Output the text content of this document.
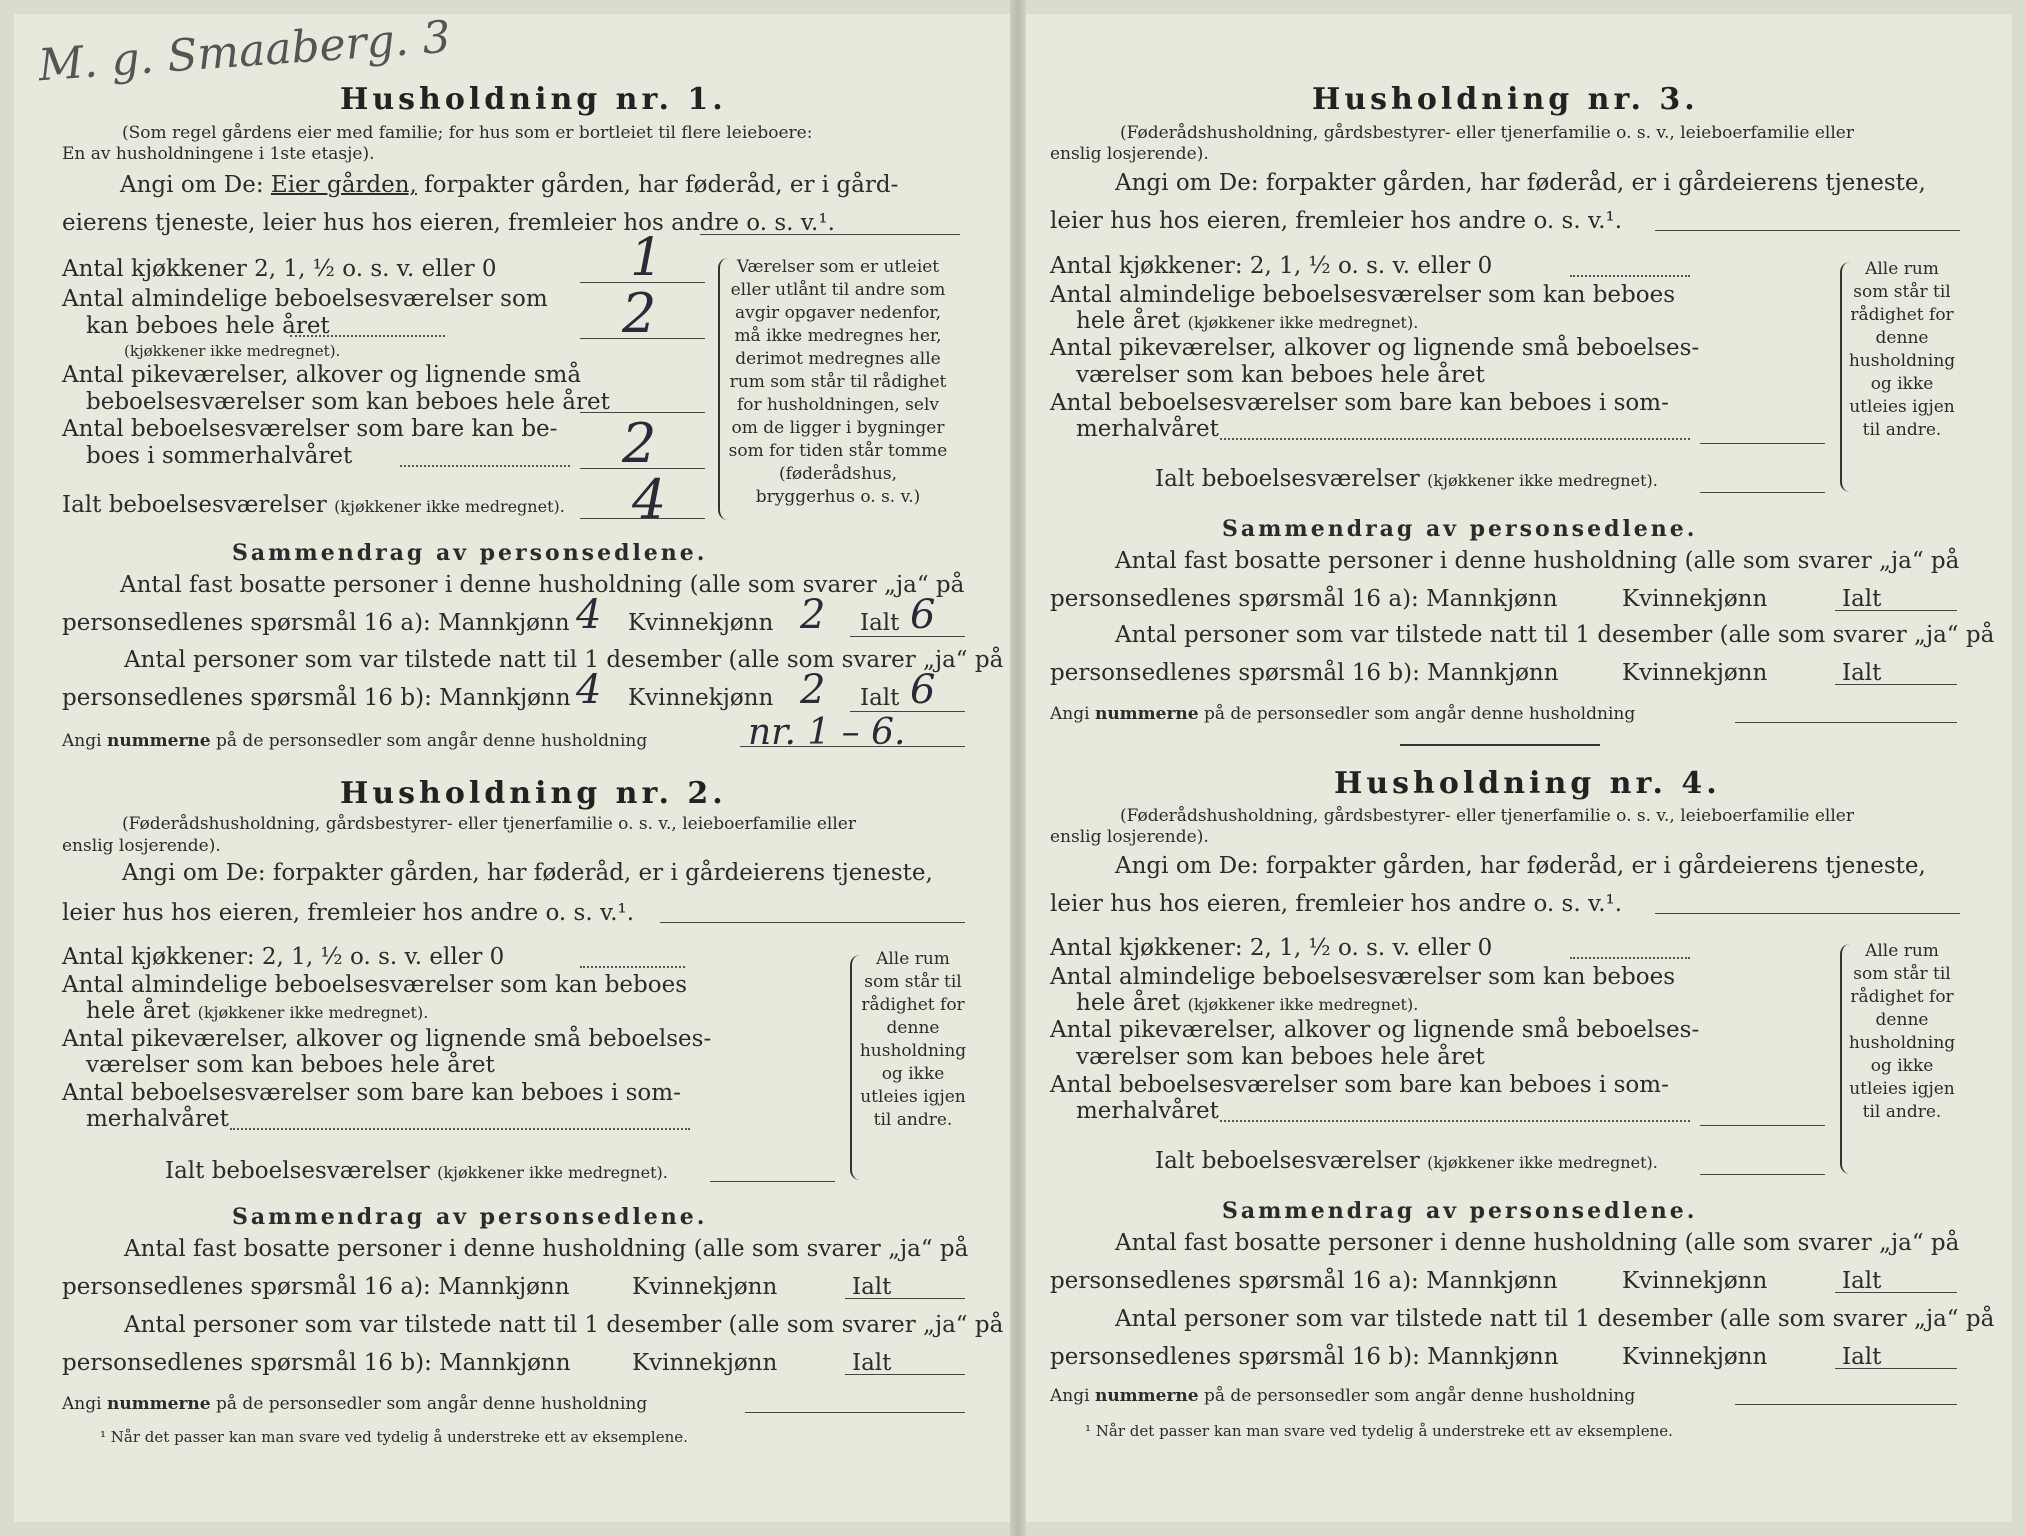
M. g. Smaaberg. 3
Husholdning nr. 1.
(Som regel gårdens eier med familie; for hus som er bortleiet til flere leieboere:
En av husholdningene i 1ste etasje).
Angi om De: Eier gården, forpakter gården, har føderåd, er i gård-
eierens tjeneste, leier hus hos eieren, fremleier hos andre o. s. v.¹.
Antal kjøkkener 2, 1, ½ o. s. v. eller 0	1
Antal almindelige beboelsesværelser som
kan beboes hele året	2
(kjøkkener ikke medregnet).
Antal pikeværelser, alkover og lignende små
beboelsesværelser som kan beboes hele året
Antal beboelsesværelser som bare kan be-
boes i sommerhalvåret	2
Ialt beboelsesværelser (kjøkkener ikke medregnet). 4
Værelser som er utleiet eller utlånt til andre som avgir opgaver nedenfor, må ikke medregnes her, derimot medregnes alle rum som står til rådighet for husholdningen, selv om de ligger i bygninger som for tiden står tomme (føderådshus, bryggerhus o. s. v.)
Sammendrag av personsedlene.
Antal fast bosatte personer i denne husholdning (alle som svarer „ja“ på
personsedlenes spørsmål 16 a): Mannkjønn 4 Kvinnekjønn 2 Ialt 6
Antal personer som var tilstede natt til 1 desember (alle som svarer „ja“ på
personsedlenes spørsmål 16 b): Mannkjønn 4 Kvinnekjønn 2 Ialt 6
Angi nummerne på de personsedler som angår denne husholdning	nr. 1 – 6.
Husholdning nr. 2.
(Føderådshusholdning, gårdsbestyrer- eller tjenerfamilie o. s. v., leieboerfamilie eller
enslig losjerende).
Angi om De: forpakter gården, har føderåd, er i gårdeierens tjeneste,
leier hus hos eieren, fremleier hos andre o. s. v.¹.
Antal kjøkkener: 2, 1, ½ o. s. v. eller 0
Antal almindelige beboelsesværelser som kan beboes
hele året (kjøkkener ikke medregnet).
Antal pikeværelser, alkover og lignende små beboelses-
værelser som kan beboes hele året
Antal beboelsesværelser som bare kan beboes i som-
merhalvåret
Ialt beboelsesværelser (kjøkkener ikke medregnet).
Alle rum som står til rådighet for denne husholdning og ikke utleies igjen til andre.
Sammendrag av personsedlene.
Antal fast bosatte personer i denne husholdning (alle som svarer „ja“ på
personsedlenes spørsmål 16 a): Mannkjønn	Kvinnekjønn	Ialt
Antal personer som var tilstede natt til 1 desember (alle som svarer „ja“ på
personsedlenes spørsmål 16 b): Mannkjønn	Kvinnekjønn	Ialt
Angi nummerne på de personsedler som angår denne husholdning
¹ Når det passer kan man svare ved tydelig å understreke ett av eksemplene.
Husholdning nr. 3.
(Føderådshusholdning, gårdsbestyrer- eller tjenerfamilie o. s. v., leieboerfamilie eller
enslig losjerende).
Angi om De: forpakter gården, har føderåd, er i gårdeierens tjeneste,
leier hus hos eieren, fremleier hos andre o. s. v.¹.
Antal kjøkkener: 2, 1, ½ o. s. v. eller 0
Antal almindelige beboelsesværelser som kan beboes
hele året (kjøkkener ikke medregnet).
Antal pikeværelser, alkover og lignende små beboelses-
værelser som kan beboes hele året
Antal beboelsesværelser som bare kan beboes i som-
merhalvåret
Ialt beboelsesværelser (kjøkkener ikke medregnet).
Alle rum som står til rådighet for denne husholdning og ikke utleies igjen til andre.
Sammendrag av personsedlene.
Antal fast bosatte personer i denne husholdning (alle som svarer „ja“ på
personsedlenes spørsmål 16 a): Mannkjønn	Kvinnekjønn	Ialt
Antal personer som var tilstede natt til 1 desember (alle som svarer „ja“ på
personsedlenes spørsmål 16 b): Mannkjønn	Kvinnekjønn	Ialt
Angi nummerne på de personsedler som angår denne husholdning
Husholdning nr. 4.
(Føderådshusholdning, gårdsbestyrer- eller tjenerfamilie o. s. v., leieboerfamilie eller
enslig losjerende).
Angi om De: forpakter gården, har føderåd, er i gårdeierens tjeneste,
leier hus hos eieren, fremleier hos andre o. s. v.¹.
Antal kjøkkener: 2, 1, ½ o. s. v. eller 0
Antal almindelige beboelsesværelser som kan beboes
hele året (kjøkkener ikke medregnet).
Antal pikeværelser, alkover og lignende små beboelses-
værelser som kan beboes hele året
Antal beboelsesværelser som bare kan beboes i som-
merhalvåret
Ialt beboelsesværelser (kjøkkener ikke medregnet).
Alle rum som står til rådighet for denne husholdning og ikke utleies igjen til andre.
Sammendrag av personsedlene.
Antal fast bosatte personer i denne husholdning (alle som svarer „ja“ på
personsedlenes spørsmål 16 a): Mannkjønn	Kvinnekjønn	Ialt
Antal personer som var tilstede natt til 1 desember (alle som svarer „ja“ på
personsedlenes spørsmål 16 b): Mannkjønn	Kvinnekjønn	Ialt
Angi nummerne på de personsedler som angår denne husholdning
¹ Når det passer kan man svare ved tydelig å understreke ett av eksemplene.
